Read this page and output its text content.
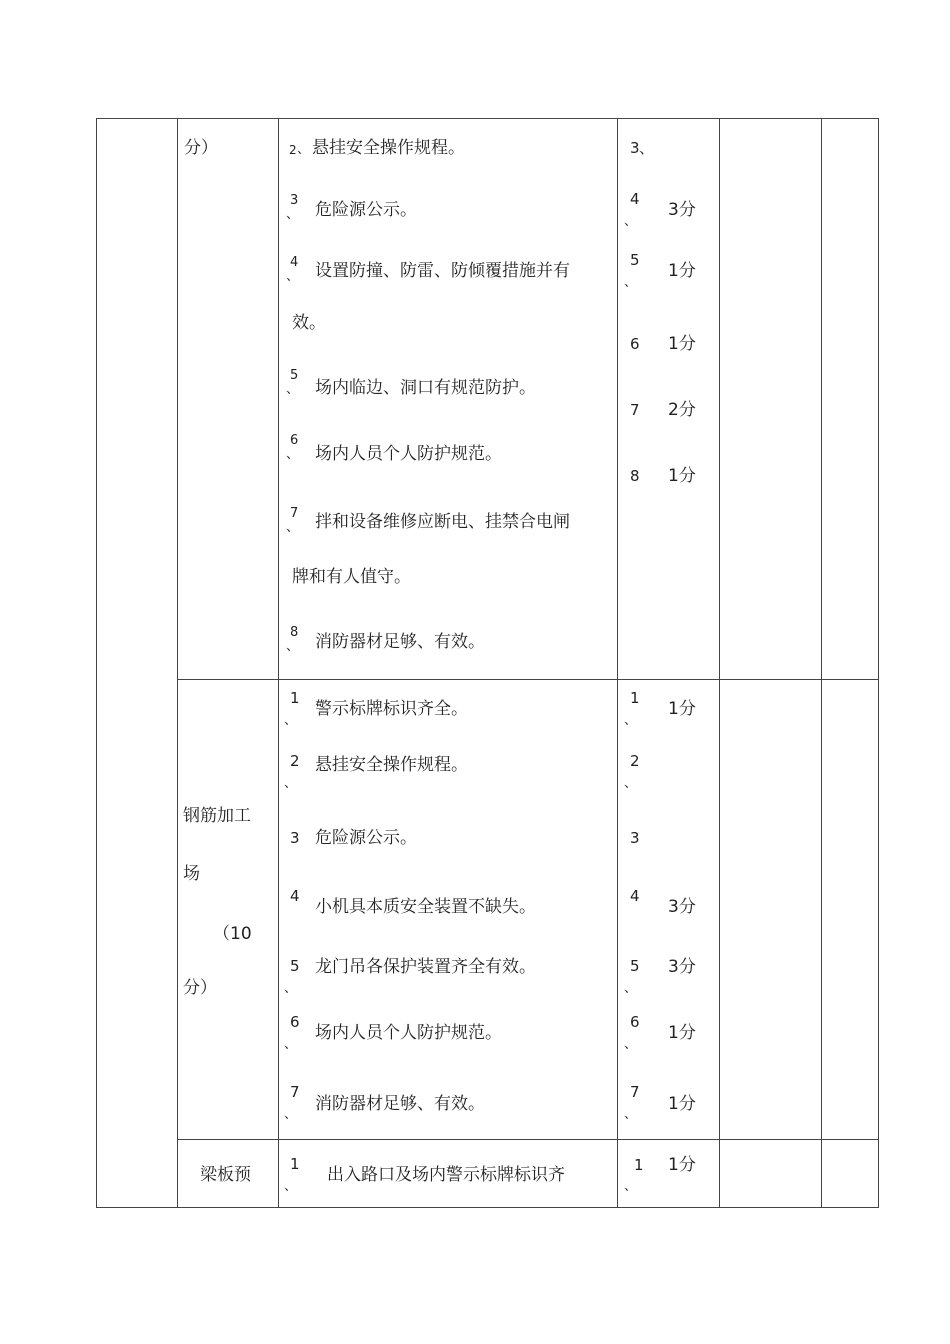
分）	2 、 悬挂安全操作规程。
3
、 危险源公示。
4
、 设置防撞、防雷、防倾覆措施并有
效。
5
、 场内临边、洞口有规范防护。
6
、 场内人员个人防护规范。
7
、 拌和设备维修应断电、挂禁合电闸
牌和有人值守。
8
、 消防器材足够、有效。
3 、
4
、
3分
5
、
1分
6 1分
7 2分
8 1分
钢筋加工
场
（10
分）
1
、
警示标牌标识齐全。
2
、
悬挂安全操作规程。
3 危险源公示。
4
小机具本质安全装置不缺失。
5
、
龙门吊各保护装置齐全有效。
6
、
场内人员个人防护规范。
7
、
消防器材足够、有效。
1
、
1分
2
、
3
4
3分
5
、
3分
6
、
1分
7
、
1分
梁板预
1
、
出入路口及场内警示标牌标识齐	1
、
1分
